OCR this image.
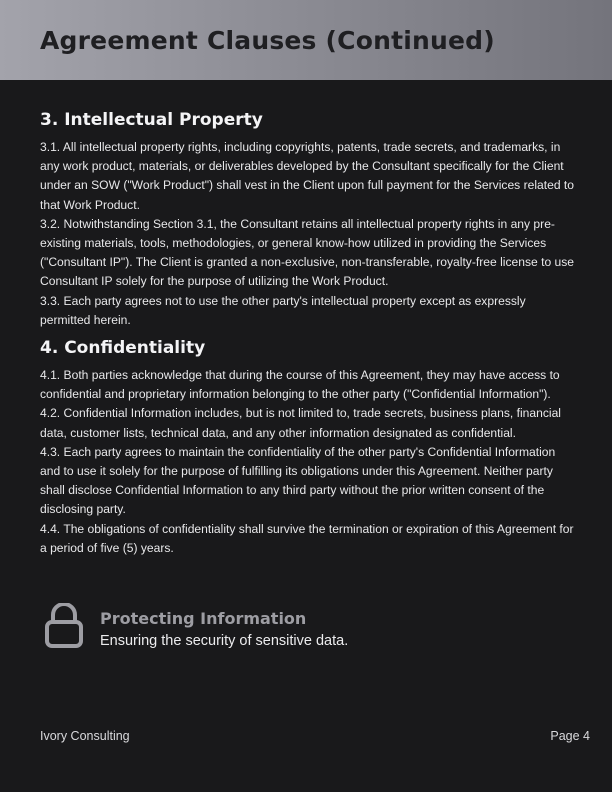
Agreement Clauses (Continued)
3. Intellectual Property

3.1. All intellectual property rights, including copyrights, patents, trade secrets, and trademarks, in any work product, materials, or deliverables developed by the Consultant specifically for the Client under an SOW ("Work Product") shall vest in the Client upon full payment for the Services related to that Work Product.

3.2. Notwithstanding Section 3.1, the Consultant retains all intellectual property rights in any pre-existing materials, tools, methodologies, or general know-how utilized in providing the Services ("Consultant IP"). The Client is granted a non-exclusive, non-transferable, royalty-free license to use Consultant IP solely for the purpose of utilizing the Work Product.

3.3. Each party agrees not to use the other party's intellectual property except as expressly permitted herein.

4. Confidentiality

4.1. Both parties acknowledge that during the course of this Agreement, they may have access to confidential and proprietary information belonging to the other party ("Confidential Information").

4.2. Confidential Information includes, but is not limited to, trade secrets, business plans, financial data, customer lists, technical data, and any other information designated as confidential.

4.3. Each party agrees to maintain the confidentiality of the other party's Confidential Information and to use it solely for the purpose of fulfilling its obligations under this Agreement. Neither party shall disclose Confidential Information to any third party without the prior written consent of the disclosing party.

4.4. The obligations of confidentiality shall survive the termination or expiration of this Agreement for a period of five (5) years.

Protecting Information
Ensuring the security of sensitive data.
Ivory Consulting	Page 4
